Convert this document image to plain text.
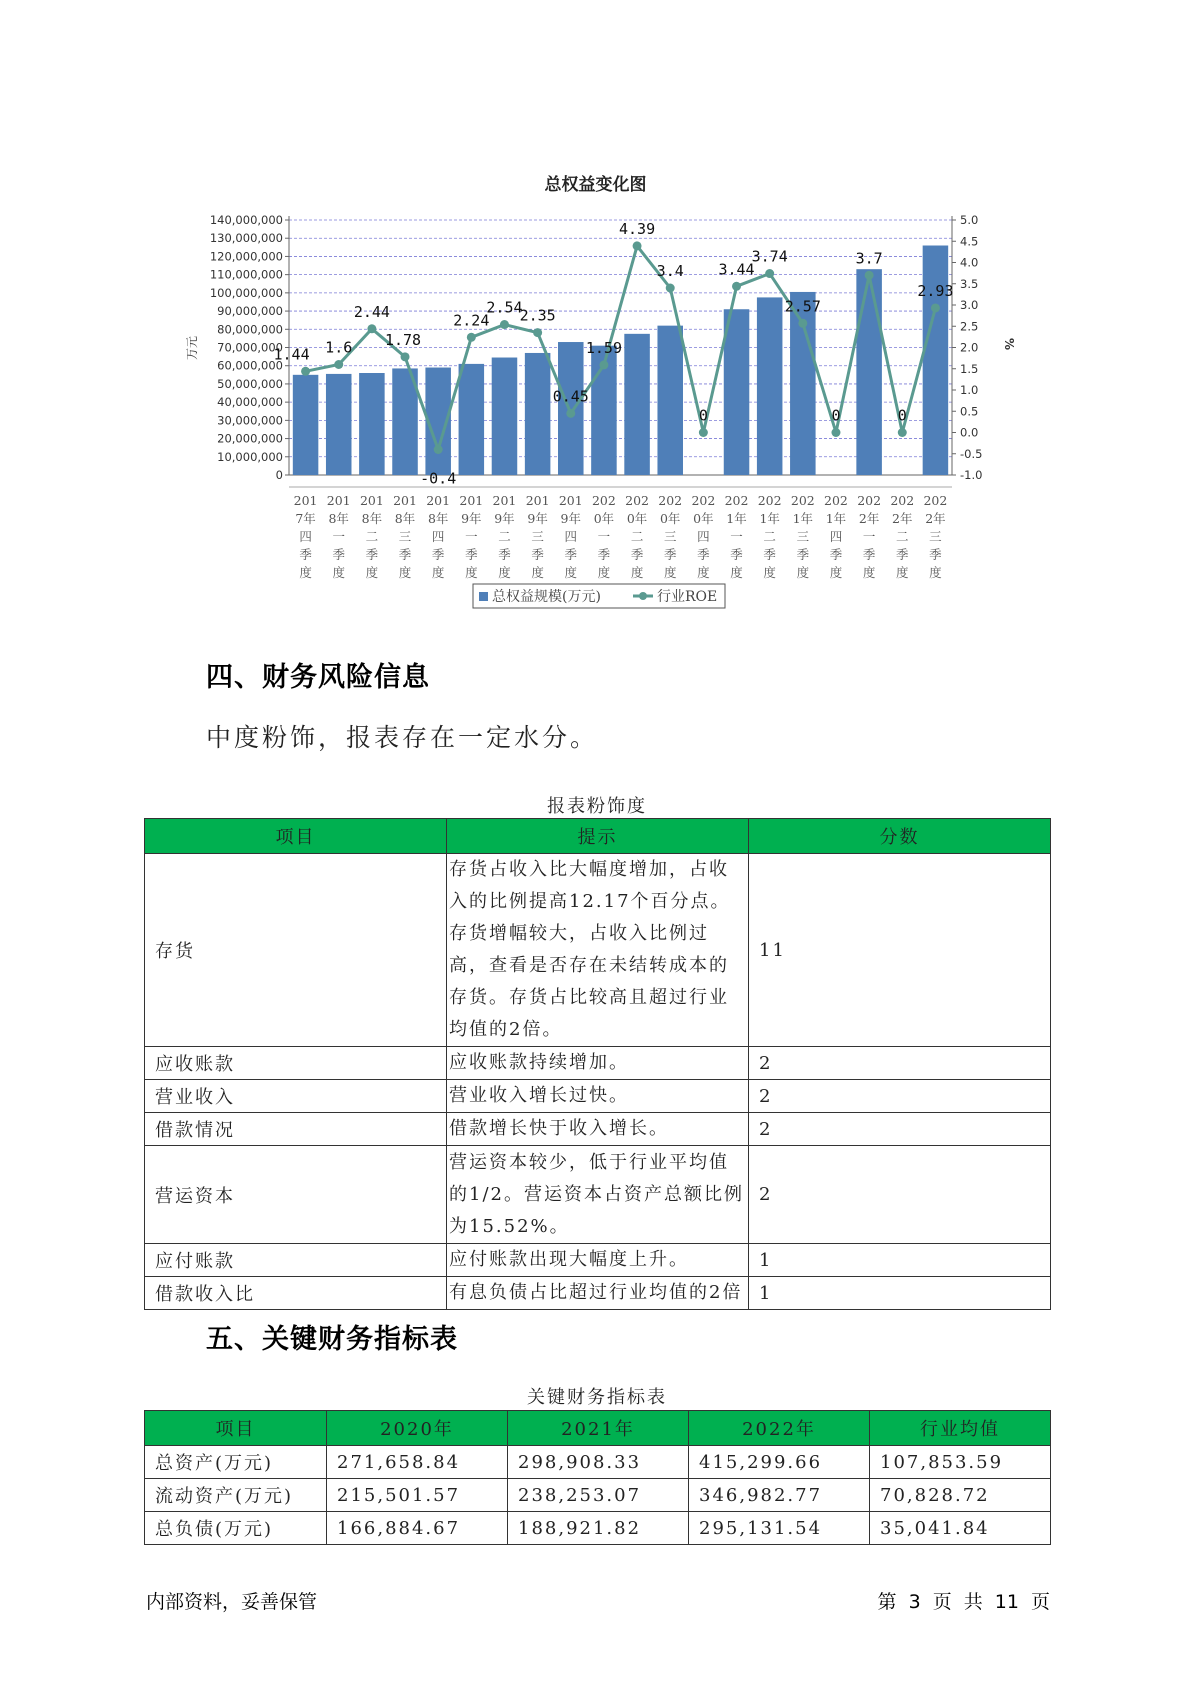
总权益变化图
140,000,000
130,000,000
120,000,000
110,000,000
100,000,000
90,000,000
80,000,000
70,000,000
60,000,000
50,000,000
40,000,000
30,000,000
20,000,000
10,000,000
0
5.0
4.5
4.0
3.5
3.0
2.5
2.0
1.5
1.0
0.5
0.0
-0.5
-1.0
万元	%
201
7年
四
季
度
201
8年
一
季
度
201
8年
二
季
度
201
8年
三
季
度
201
8年
四
季
度
201
9年
一
季
度
201
9年
二
季
度
201
9年
三
季
度
201
9年
四
季
度
202
0年
一
季
度
202
0年
二
季
度
202
0年
三
季
度
202
0年
四
季
度
202
1年
一
季
度
202
1年
二
季
度
202
1年
三
季
度
202
1年
四
季
度
202
2年
一
季
度
202
2年
二
季
度
202
2年
三
季
度
1.44 1.6
2.44
1.78
-0.4
2.24
2.54
2.35
0.45
1.59
4.39
3.4
0
3.44
3.74
2.57
0
3.7
0
2.93
总权益规模(万元)	行业ROE
四、财务风险信息
中度粉饰，报表存在一定水分。
报表粉饰度
项目	提示	分数
存货	存货占收入比大幅度增加，占收入的比例提高12.17个百分点。存货增幅较大，占收入比例过高，查看是否存在未结转成本的存货。存货占比较高且超过行业均值的2倍。	11
应收账款	应收账款持续增加。	2
营业收入	营业收入增长过快。	2
借款情况	借款增长快于收入增长。	2
营运资本	营运资本较少，低于行业平均值的1/2。营运资本占资产总额比例为15.52%。	2
应付账款	应付账款出现大幅度上升。	1
借款收入比	有息负债占比超过行业均值的2倍	1
五、关键财务指标表
关键财务指标表
项目	2020年	2021年	2022年	行业均值
总资产(万元)	271,658.84	298,908.33	415,299.66	107,853.59
流动资产(万元)	215,501.57	238,253.07	346,982.77	70,828.72
总负债(万元)	166,884.67	188,921.82	295,131.54	35,041.84
内部资料，妥善保管	第 3 页 共 11 页
